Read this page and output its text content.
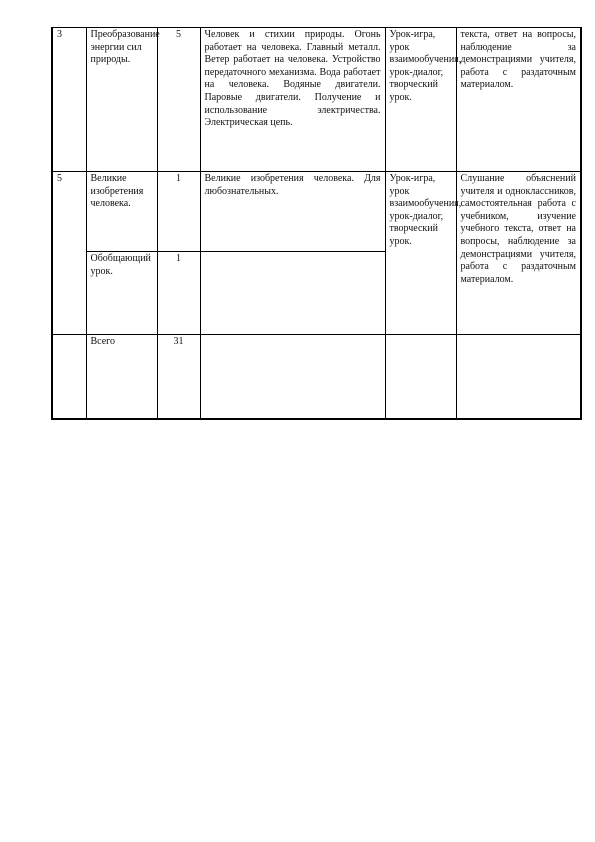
3	Преобразование энергии сил природы.	5	Человек и стихии природы. Огонь работает на человека. Главный металл. Ветер работает на человека. Устройство передаточного механизма. Вода работает на человека. Водяные двигатели. Паровые двигатели. Получение и использование электричества. Электрическая цепь.	Урок-игра, урок взаимообучения, урок-диалог, творческий урок.	текста, ответ на вопросы, наблюдение за демонстрациями учителя, работа с раздаточным материалом.
5	Великие изобретения человека.	1	Великие изобретения человека. Для любознательных.	Урок-игра, урок взаимообучения, урок-диалог, творческий урок.	Слушание объяснений учителя и одноклассников, самостоятельная работа с учебником, изучение учебного текста, ответ на вопросы, наблюдение за демонстрациями учителя, работа с раздаточным материалом.
	Обобщающий урок.	1			
	Всего	31			
